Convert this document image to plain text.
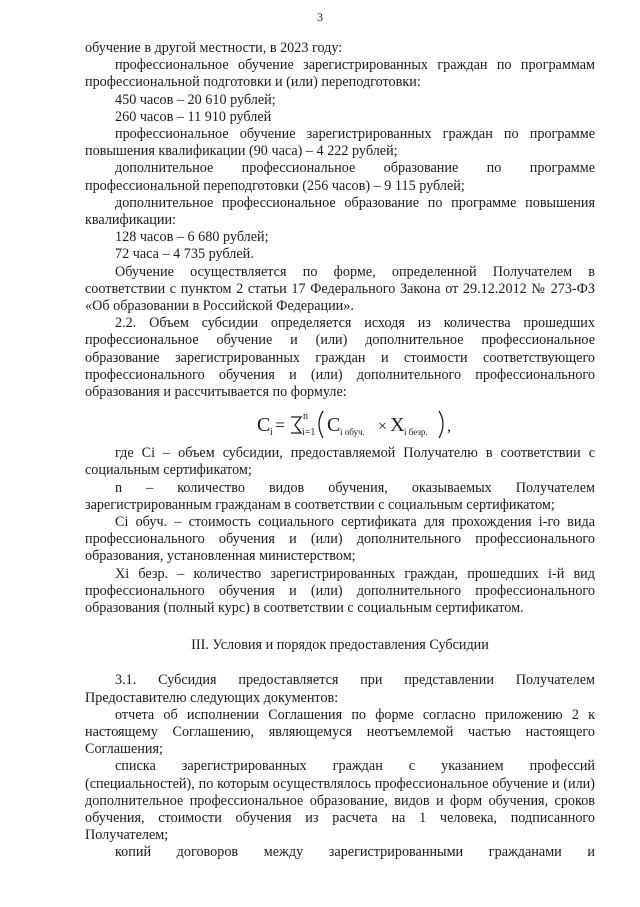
3

обучение в другой местности, в 2023 году:

профессиональное обучение зарегистрированных граждан по программам профессиональной подготовки и (или) переподготовки:

450 часов – 20 610 рублей;

260 часов – 11 910 рублей

профессиональное обучение зарегистрированных граждан по программе повышения квалификации (90 часа) – 4 222 рублей;

дополнительное профессиональное образование по программе профессиональной переподготовки (256 часов) – 9 115 рублей;

дополнительное профессиональное образование по программе повышения квалификации:

128 часов – 6 680 рублей;

72 часа – 4 735 рублей.

Обучение осуществляется по форме, определенной Получателем в соответствии с пунктом 2 статьи 17 Федерального Закона от 29.12.2012 № 273-ФЗ «Об образовании в Российской Федерации».

2.2. Объем субсидии определяется исходя из количества прошедших профессиональное обучение и (или) дополнительное профессиональное образование зарегистрированных граждан и стоимости соответствующего профессионального обучения и (или) дополнительного профессионального образования и рассчитывается по формуле:

C i = n
i=1 C i обуч. × X i безр. ,

где Ci – объем субсидии, предоставляемой Получателю в соответствии с социальным сертификатом;

n – количество видов обучения, оказываемых Получателем зарегистрированным гражданам в соответствии с социальным сертификатом;

Ci обуч. – стоимость социального сертификата для прохождения i-го вида профессионального обучения и (или) дополнительного профессионального образования, установленная министерством;

Xi безр. – количество зарегистрированных граждан, прошедших i-й вид профессионального обучения и (или) дополнительного профессионального образования (полный курс) в соответствии с социальным сертификатом.

III. Условия и порядок предоставления Субсидии

3.1. Субсидия предоставляется при представлении Получателем Предоставителю следующих документов:

отчета об исполнении Соглашения по форме согласно приложению 2 к настоящему Соглашению, являющемуся неотъемлемой частью настоящего Соглашения;

списка зарегистрированных граждан с указанием профессий (специальностей), по которым осуществлялось профессиональное обучение и (или) дополнительное профессиональное образование, видов и форм обучения, сроков обучения, стоимости обучения из расчета на 1 человека, подписанного Получателем;

копий договоров между зарегистрированными гражданами и
